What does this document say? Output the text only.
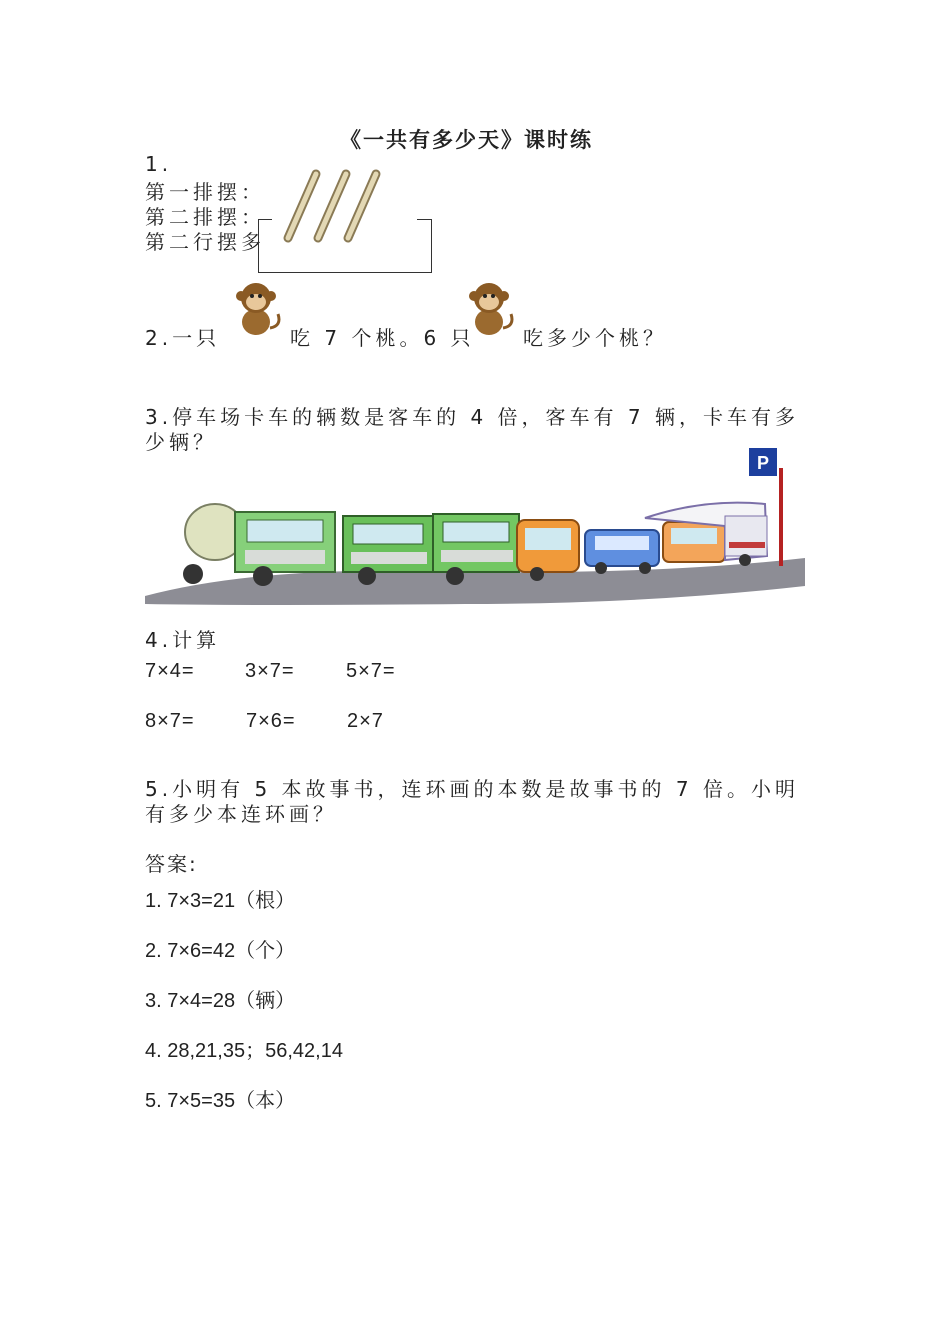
《一共有多少天》课时练
1.
第一排摆：
第二排摆：
第二行摆多
2.一只	吃 7 个桃。6 只 吃多少个桃？
3.停车场卡车的辆数是客车的 4 倍，客车有 7 辆，卡车有多
少辆？
P
4.计算
7×4=	3×7=	5×7=
8×7=	7×6=	2×7
5.小明有 5 本故事书，连环画的本数是故事书的 7 倍。小明
有多少本连环画？
答案:
1. 7×3=21（根）
2. 7×6=42（个）
3. 7×4=28（辆）
4. 28,21,35；56,42,14
5. 7×5=35（本）
